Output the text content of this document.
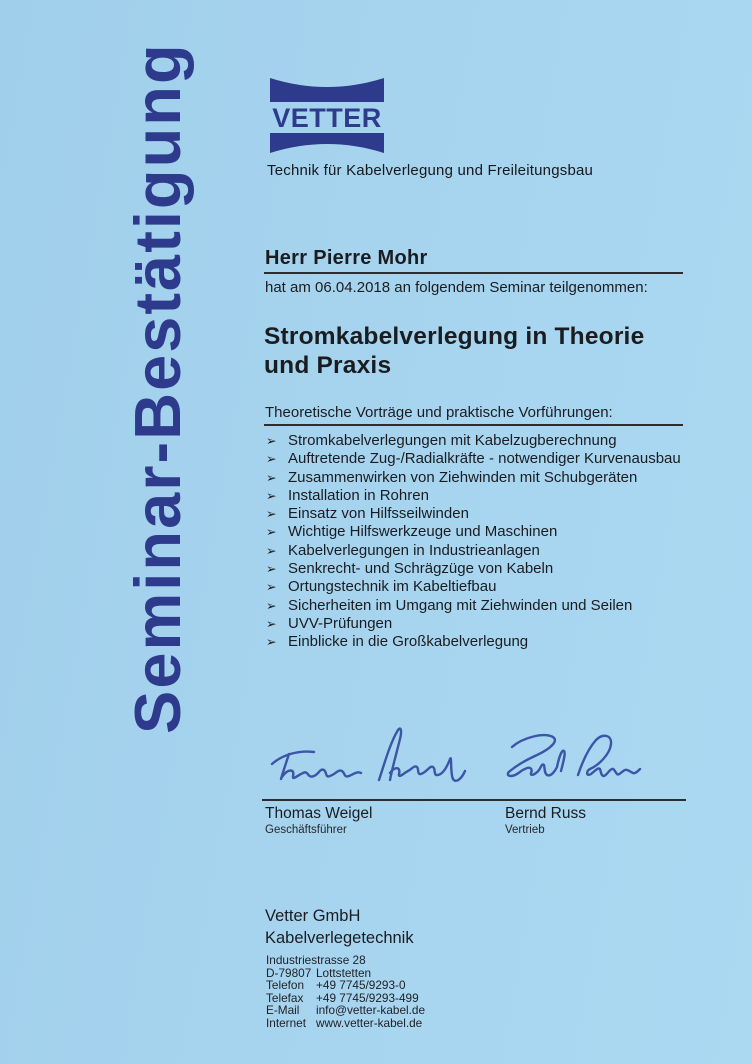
Seminar-Bestätigung	VETTER
Technik für Kabelverlegung und Freileitungsbau
Herr Pierre Mohr
hat am 06.04.2018 an folgendem Seminar teilgenommen:
Stromkabelverlegung in Theorie und Praxis
Theoretische Vorträge und praktische Vorführungen:
➢ Stromkabelverlegungen mit Kabelzugberechnung
➢ Auftretende Zug-/Radialkräfte - notwendiger Kurvenausbau
➢ Zusammenwirken von Ziehwinden mit Schubgeräten
➢ Installation in Rohren
➢ Einsatz von Hilfsseilwinden
➢ Wichtige Hilfswerkzeuge und Maschinen
➢ Kabelverlegungen in Industrieanlagen
➢ Senkrecht- und Schrägzüge von Kabeln
➢ Ortungstechnik im Kabeltiefbau
➢ Sicherheiten im Umgang mit Ziehwinden und Seilen
➢ UVV-Prüfungen
➢ Einblicke in die Großkabelverlegung
Thomas Weigel
Geschäftsführer
Bernd Russ
Vertrieb
Vetter GmbH
Kabelverlegetechnik
Industriestrasse 28
D-79807 Lottstetten
Telefon +49 7745/9293-0
Telefax +49 7745/9293-499
E-Mail info@vetter-kabel.de
Internet www.vetter-kabel.de
